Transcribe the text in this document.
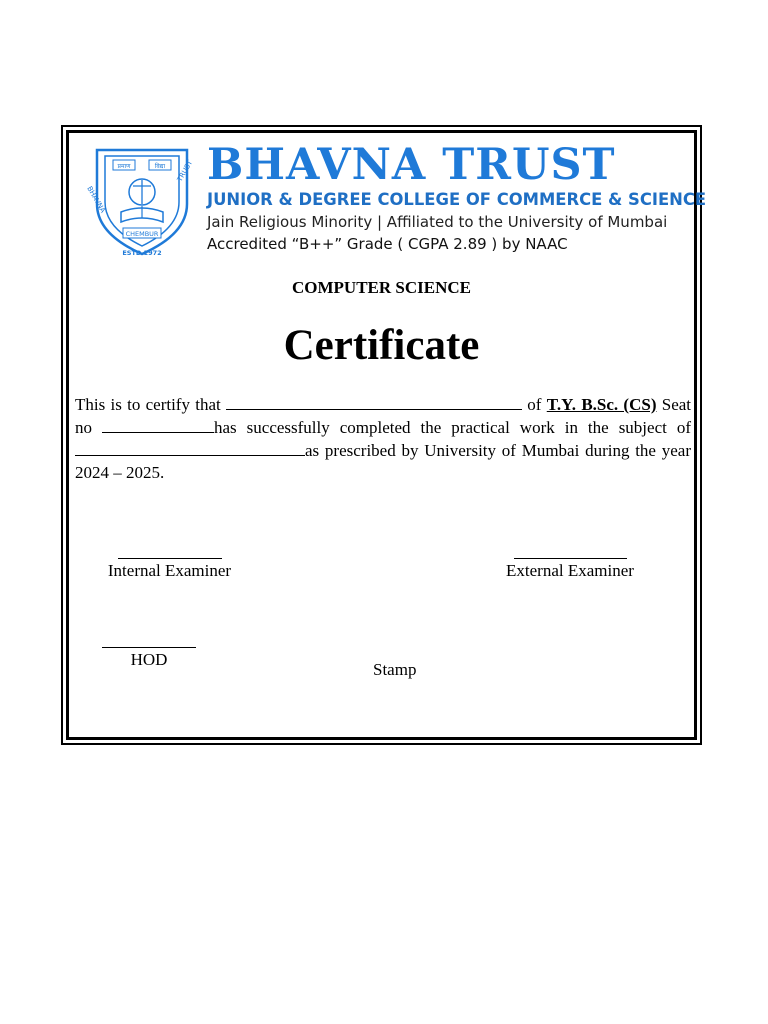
प्रमाण	विद्या
BHAVNA
TRUST
CHEMBUR
ESTD 1972
BHAVNA TRUST
JUNIOR & DEGREE COLLEGE OF COMMERCE & SCIENCE
Jain Religious Minority | Affiliated to the University of Mumbai
Accredited “B++” Grade ( CGPA 2.89 ) by NAAC
COMPUTER SCIENCE
Certificate
This is to certify that	of T.Y. B.Sc. (CS) Seat no	has successfully completed the practical work in the subject of as prescribed by University of Mumbai during the year 2024 – 2025.
Internal Examiner	External Examiner
HOD
Stamp
